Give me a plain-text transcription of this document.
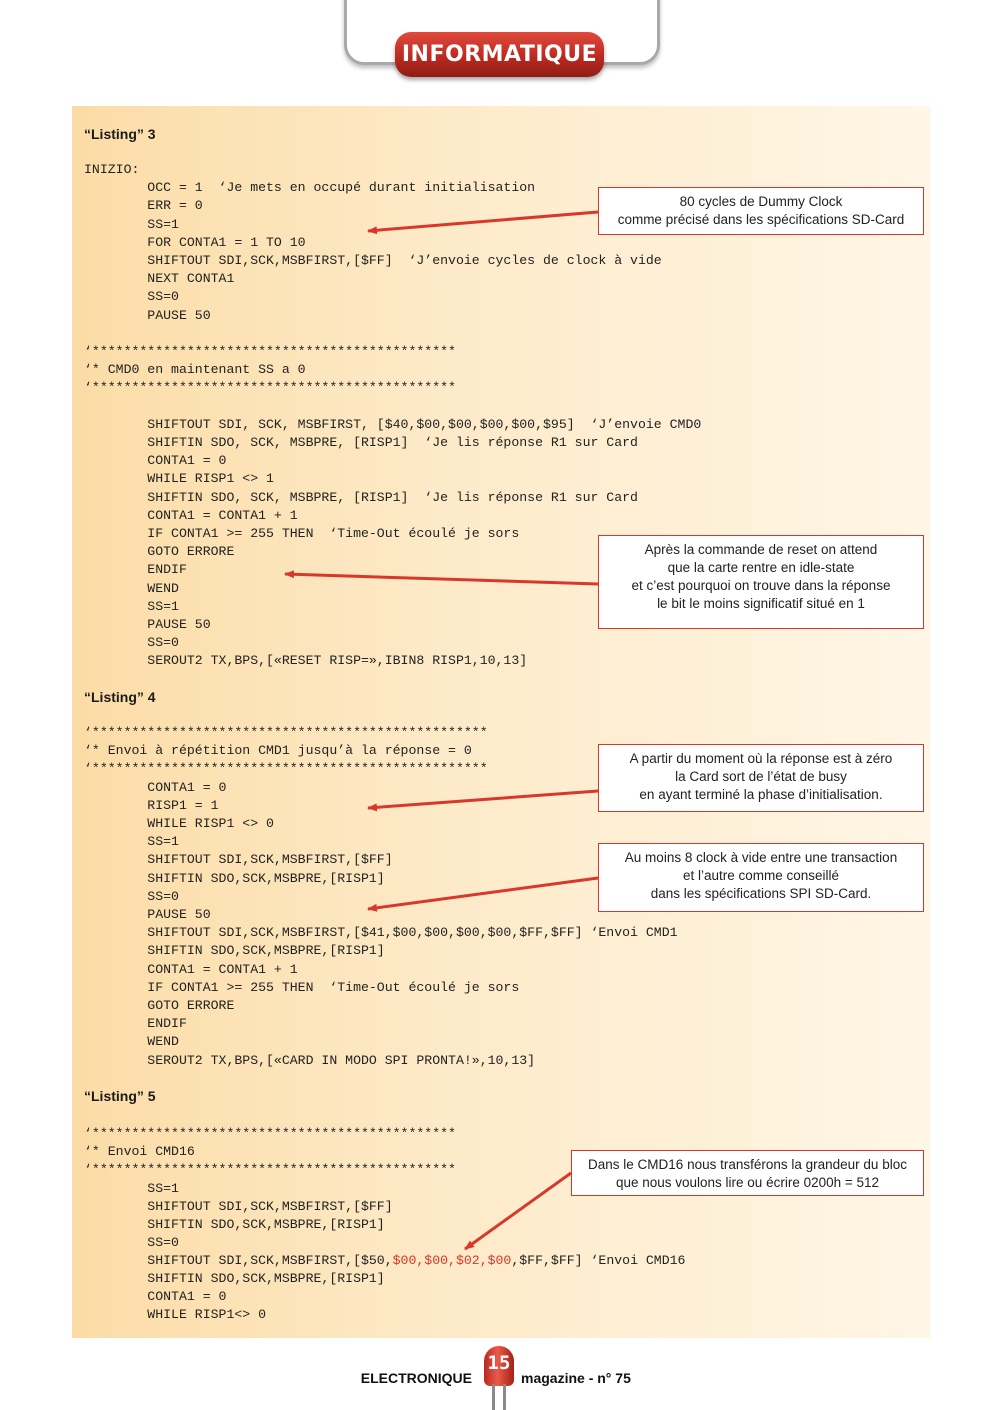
INFORMATIQUE
“Listing” 3
INIZIO:
OCC = 1  ‘Je mets en occupé durant initialisation
ERR = 0
SS=1
FOR CONTA1 = 1 TO 10
SHIFTOUT SDI,SCK,MSBFIRST,[$FF]  ‘J’envoie cycles de clock à vide
NEXT CONTA1
SS=0
PAUSE 50

‘**********************************************
‘* CMD0 en maintenant SS a 0
‘**********************************************

SHIFTOUT SDI, SCK, MSBFIRST, [$40,$00,$00,$00,$00,$95]  ‘J’envoie CMD0
SHIFTIN SDO, SCK, MSBPRE, [RISP1]  ‘Je lis réponse R1 sur Card
CONTA1 = 0
WHILE RISP1 <> 1
SHIFTIN SDO, SCK, MSBPRE, [RISP1]  ‘Je lis réponse R1 sur Card
CONTA1 = CONTA1 + 1
IF CONTA1 >= 255 THEN  ‘Time-Out écoulé je sors
GOTO ERRORE
ENDIF
WEND
SS=1
PAUSE 50
SS=0
SEROUT2 TX,BPS,[«RESET RISP=»,IBIN8 RISP1,10,13]
“Listing” 4
‘**************************************************
‘* Envoi à répétition CMD1 jusqu’à la réponse = 0
‘**************************************************
CONTA1 = 0
RISP1 = 1
WHILE RISP1 <> 0
SS=1
SHIFTOUT SDI,SCK,MSBFIRST,[$FF]
SHIFTIN SDO,SCK,MSBPRE,[RISP1]
SS=0
PAUSE 50
SHIFTOUT SDI,SCK,MSBFIRST,[$41,$00,$00,$00,$00,$FF,$FF] ‘Envoi CMD1
SHIFTIN SDO,SCK,MSBPRE,[RISP1]
CONTA1 = CONTA1 + 1
IF CONTA1 >= 255 THEN  ‘Time-Out écoulé je sors
GOTO ERRORE
ENDIF
WEND
SEROUT2 TX,BPS,[«CARD IN MODO SPI PRONTA!»,10,13]
“Listing” 5
‘**********************************************
‘* Envoi CMD16
‘**********************************************
SS=1
SHIFTOUT SDI,SCK,MSBFIRST,[$FF]
SHIFTIN SDO,SCK,MSBPRE,[RISP1]
SS=0
SHIFTOUT SDI,SCK,MSBFIRST,[$50,$00,$00,$02,$00,$FF,$FF] ‘Envoi CMD16
SHIFTIN SDO,SCK,MSBPRE,[RISP1]
CONTA1 = 0
WHILE RISP1<> 0
80 cycles de Dummy Clock
comme précisé dans les spécifications SD-Card
Après la commande de reset on attend
que la carte rentre en idle-state
et c’est pourquoi on trouve dans la réponse
le bit le moins significatif situé en 1
A partir du moment où la réponse est à zéro
la Card sort de l’état de busy
en ayant terminé la phase d’initialisation.
Au moins 8 clock à vide entre une transaction
et l’autre comme conseillé
dans les spécifications SPI SD-Card.
Dans le CMD16 nous transférons la grandeur du bloc
que nous voulons lire ou écrire 0200h = 512
ELECTRONIQUE
15
magazine - n° 75
